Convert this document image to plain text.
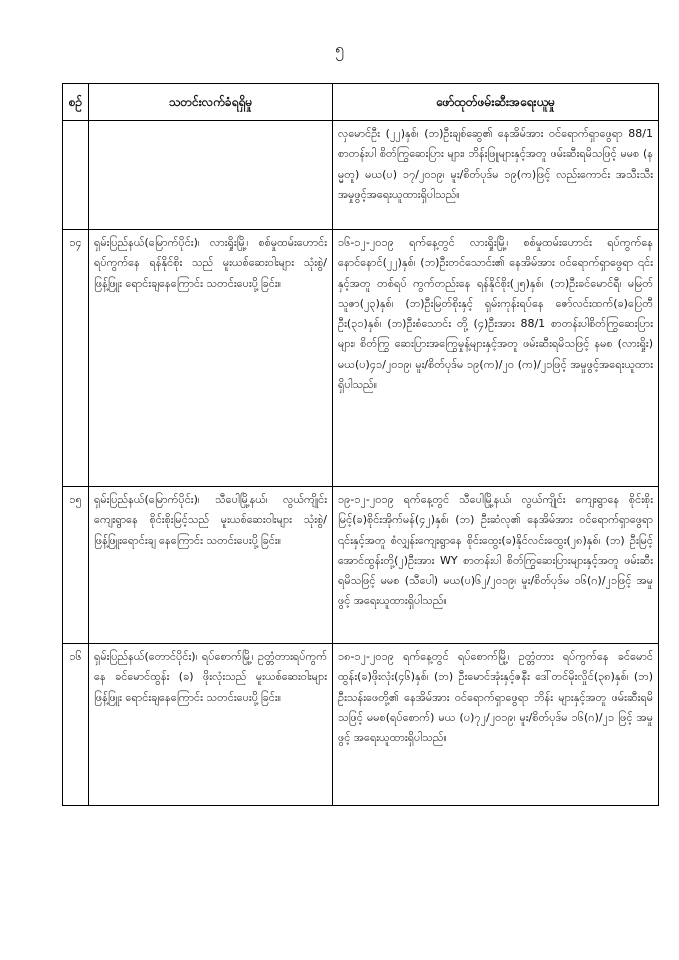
၅
စဉ်	သတင်းလက်ခံရရှိမှု	ဖော်ထုတ်ဖမ်းဆီးအရေးယူမှု
		လှမောင်ဦး (၂၂)နှစ်၊ (ဘ)ဦးချစ်ဆွေ၏ နေအိမ်အား ဝင်ရောက်ရှာဖွေရာ 88/1 စာတန်းပါ စိတ်ကြွဆေးပြား များ၊ ဘိန်းဖြူများနှင့်အတူ ဖမ်းဆီးရမိသဖြင့် မမစ (နမ္မတူ) မယ(ပ) ၁၇/၂၀၁၉၊ မူး/စိတ်ပုဒ်မ ၁၉(က)ဖြင့် လည်းကောင်း အသီးသီးအမှုဖွင့်အရေးယူထားရှိပါသည်။
၁၄	ရှမ်းပြည်နယ်(မြောက်ပိုင်း)၊ လားရှိုးမြို့၊ စစ်မှုထမ်းဟောင်းရပ်ကွက်နေ ရန်နိုင်စိုး သည် မူးယစ်ဆေးဝါးများ သုံးစွဲ/ဖြန့်ဖြူး ရောင်းချနေကြောင်း သတင်းပေးပို့ခြင်း။	၁၆-၁၂-၂၀၁၉ ရက်နေ့တွင် လားရှိုးမြို့၊ စစ်မှုထမ်းဟောင်း ရပ်ကွက်နေ နောင်နောင်(၂၂)နှစ်၊ (ဘ)ဦးတင်သောင်း၏ နေအိမ်အား ဝင်ရောက်ရှာဖွေရာ ၎င်းနှင့်အတူ တစ်ရပ် ကွက်တည်းနေ ရန်နိုင်စိုး(၂၅)နှစ်၊ (ဘ)ဦးခင်မောင်ရီ၊ မမြတ်သူဇာ(၂၃)နှစ်၊ (ဘ)ဦးမြတ်စိုးနှင့် ရှမ်းကုန်းရပ်နေ ဇော်လင်းထက်(ခ)ပြေတီဦး(၃၁)နှစ်၊ (ဘ)ဦးစံသောင်း တို့ (၄)ဦးအား 88/1 စာတန်းပါစိတ်ကြွဆေးပြားများ၊ စိတ်ကြွ ဆေးပြားအကြွေမှုန့်များနှင့်အတူ ဖမ်းဆီးရမိသဖြင့် နမစ (လားရှိုး) မယ(ပ)၄၁/၂၀၁၉၊ မူး/စိတ်ပုဒ်မ ၁၉(က)/၂၀ (က)/၂၁ဖြင့် အမှုဖွင့်အရေးယူထားရှိပါသည်။
၁၅	ရှမ်းပြည်နယ်(မြောက်ပိုင်း)၊ သီပေါမြို့နယ်၊ လွယ်ကျိုင်းကျေးရွာနေ စိုင်းစိုးမြင့်သည် မူးယစ်ဆေးဝါးများ သုံးစွဲ/ဖြန့်ဖြူးရောင်းချ နေကြောင်း သတင်းပေးပို့ခြင်း။	၁၉-၁၂-၂၀၁၉ ရက်နေ့တွင် သီပေါမြို့နယ်၊ လွယ်ကျိုင်း ကျေးရွာနေ စိုင်းစိုးမြင့်(ခ)စိုင်းအိုက်မန်(၄၂)နှစ်၊ (ဘ) ဦးဆံလု၏ နေအိမ်အား ဝင်ရောက်ရှာဖွေရာ ၎င်းနှင့်အတူ စံလျှန်းကျေးရွာနေ စိုင်းထွေး(ခ)နိုင်လင်းထွေး(၂၈)နှစ်၊ (ဘ) ဦးမြင့်အောင်ထွန်းတို့(၂)ဦးအား WY စာတန်းပါ စိတ်ကြွဆေးပြားများနှင့်အတူ ဖမ်းဆီးရမိသဖြင့် မမစ (သီပေါ) မယ(ပ)၆၂/၂၀၁၉၊ မူး/စိတ်ပုဒ်မ ၁၆(ဂ)/၂၁ဖြင့် အမှုဖွင့် အရေးယူထားရှိပါသည်။
၁၆	ရှမ်းပြည်နယ်(တောင်ပိုင်း)၊ ရပ်စောက်မြို့၊ ဥတ္တံတားရပ်ကွက်နေ ခင်မောင်ထွန်း (ခ) ဖိုးလုံးသည် မူးယစ်ဆေးဝါးများ ဖြန့်ဖြူး ရောင်းချနေကြောင်း သတင်းပေးပို့ခြင်း။	၁၈-၁၂-၂၀၁၉ ရက်နေ့တွင် ရပ်စောက်မြို့၊ ဥတ္တံတား ရပ်ကွက်နေ ခင်မောင်ထွန်း(ခ)ဖိုးလုံး(၄၆)နှစ်၊ (ဘ) ဦးမောင်အုံးနှင့်ဇနီး ဒေါ်တင်မိုးလှိုင်(၃၈)နှစ်၊ (ဘ) ဦးသန်းဖေတို့၏ နေအိမ်အား ဝင်ရောက်ရှာဖွေရာ ဘိန်း များနှင့်အတူ ဖမ်းဆီးရမိသဖြင့် မမစ(ရပ်စောက်) မယ (ပ)၇၂/၂၀၁၉၊ မူး/စိတ်ပုဒ်မ ၁၆(ဂ)/၂၁ ဖြင့် အမှုဖွင့် အရေးယူထားရှိပါသည်။
